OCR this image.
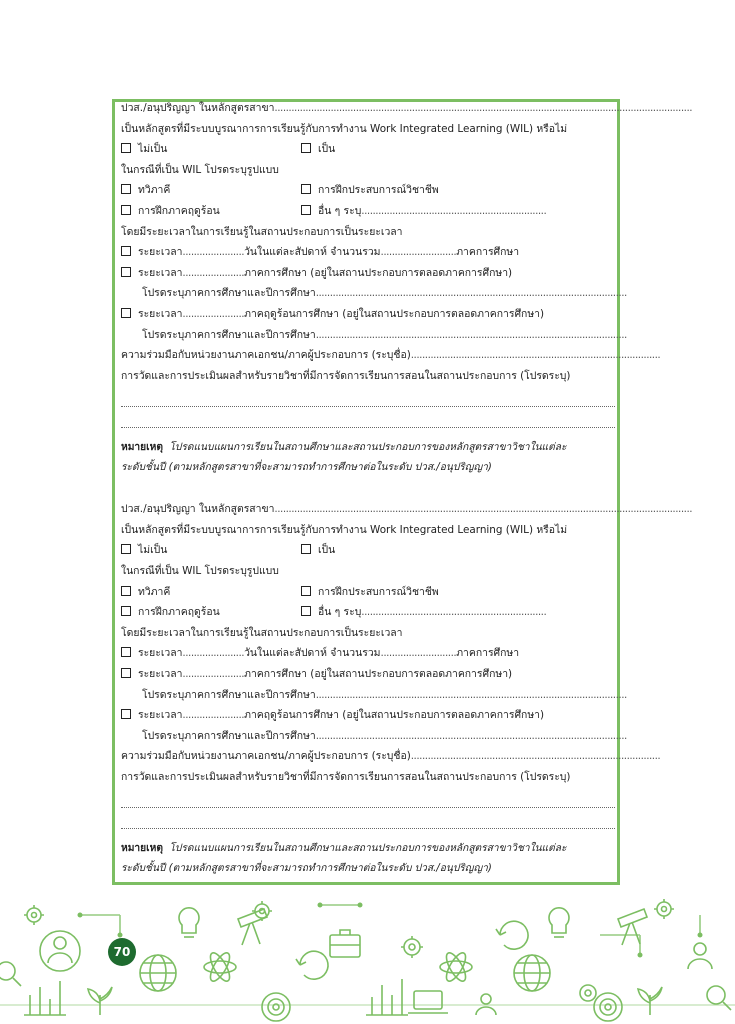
ปวส./อนุปริญญา ในหลักสูตรสาขา.....................................................................................................................................................
เป็นหลักสูตรที่มีระบบบูรณาการการเรียนรู้กับการทำงาน Work Integrated Learning (WIL) หรือไม่
ไม่เป็น	เป็น
ในกรณีที่เป็น WIL โปรดระบุรูปแบบ
ทวิภาคี	การฝึกประสบการณ์วิชาชีพ
การฝึกภาคฤดูร้อน	อื่น ๆ ระบุ..................................................................
โดยมีระยะเวลาในการเรียนรู้ในสถานประกอบการเป็นระยะเวลา
ระยะเวลา......................วันในแต่ละสัปดาห์ จำนวนรวม...........................ภาคการศึกษา
ระยะเวลา......................ภาคการศึกษา (อยู่ในสถานประกอบการตลอดภาคการศึกษา)
โปรดระบุภาคการศึกษาและปีการศึกษา...............................................................................................................
ระยะเวลา......................ภาคฤดูร้อนการศึกษา (อยู่ในสถานประกอบการตลอดภาคการศึกษา)
โปรดระบุภาคการศึกษาและปีการศึกษา...............................................................................................................
ความร่วมมือกับหน่วยงานภาคเอกชน/ภาคผู้ประกอบการ (ระบุชื่อ).........................................................................................
การวัดและการประเมินผลสำหรับรายวิชาที่มีการจัดการเรียนการสอนในสถานประกอบการ (โปรดระบุ)
หมายเหตุ โปรดแนบแผนการเรียนในสถานศึกษาและสถานประกอบการของหลักสูตรสาขาวิชาในแต่ละ
ระดับชั้นปี (ตามหลักสูตรสาขาที่จะสามารถทำการศึกษาต่อในระดับ ปวส./อนุปริญญา)
ปวส./อนุปริญญา ในหลักสูตรสาขา.....................................................................................................................................................
เป็นหลักสูตรที่มีระบบบูรณาการการเรียนรู้กับการทำงาน Work Integrated Learning (WIL) หรือไม่
ไม่เป็น	เป็น
ในกรณีที่เป็น WIL โปรดระบุรูปแบบ
ทวิภาคี	การฝึกประสบการณ์วิชาชีพ
การฝึกภาคฤดูร้อน	อื่น ๆ ระบุ..................................................................
โดยมีระยะเวลาในการเรียนรู้ในสถานประกอบการเป็นระยะเวลา
ระยะเวลา......................วันในแต่ละสัปดาห์ จำนวนรวม...........................ภาคการศึกษา
ระยะเวลา......................ภาคการศึกษา (อยู่ในสถานประกอบการตลอดภาคการศึกษา)
โปรดระบุภาคการศึกษาและปีการศึกษา...............................................................................................................
ระยะเวลา......................ภาคฤดูร้อนการศึกษา (อยู่ในสถานประกอบการตลอดภาคการศึกษา)
โปรดระบุภาคการศึกษาและปีการศึกษา...............................................................................................................
ความร่วมมือกับหน่วยงานภาคเอกชน/ภาคผู้ประกอบการ (ระบุชื่อ).........................................................................................
การวัดและการประเมินผลสำหรับรายวิชาที่มีการจัดการเรียนการสอนในสถานประกอบการ (โปรดระบุ)
หมายเหตุ โปรดแนบแผนการเรียนในสถานศึกษาและสถานประกอบการของหลักสูตรสาขาวิชาในแต่ละ
ระดับชั้นปี (ตามหลักสูตรสาขาที่จะสามารถทำการศึกษาต่อในระดับ ปวส./อนุปริญญา)
70
